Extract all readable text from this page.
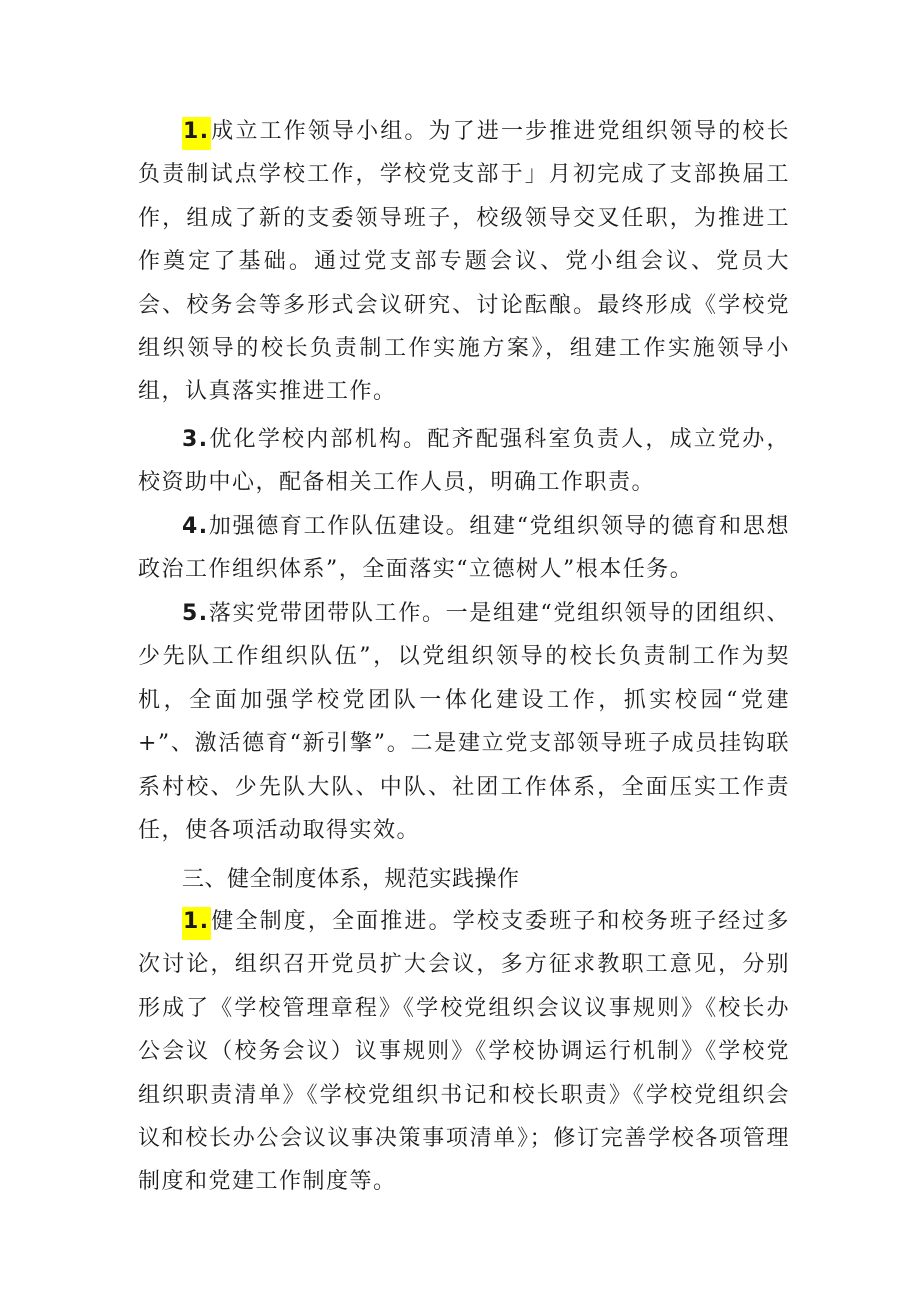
1.成立工作领导小组。为了进一步推进党组织领导的校长负责制试点学校工作，学校党支部于」月初完成了支部换届工作，组成了新的支委领导班子，校级领导交叉任职，为推进工作奠定了基础。通过党支部专题会议、党小组会议、党员大会、校务会等多形式会议研究、讨论酝酿。最终形成《学校党组织领导的校长负责制工作实施方案》，组建工作实施领导小组，认真落实推进工作。

3.优化学校内部机构。配齐配强科室负责人，成立党办，校资助中心，配备相关工作人员，明确工作职责。

4.加强德育工作队伍建设。组建“党组织领导的德育和思想政治工作组织体系”，全面落实“立德树人”根本任务。

5.落实党带团带队工作。一是组建“党组织领导的团组织、少先队工作组织队伍”，以党组织领导的校长负责制工作为契机，全面加强学校党团队一体化建设工作，抓实校园“党建+”、激活德育“新引擎”。二是建立党支部领导班子成员挂钩联系村校、少先队大队、中队、社团工作体系，全面压实工作责任，使各项活动取得实效。

三、健全制度体系，规范实践操作

1.健全制度，全面推进。学校支委班子和校务班子经过多次讨论，组织召开党员扩大会议，多方征求教职工意见，分别形成了《学校管理章程》《学校党组织会议议事规则》《校长办公会议（校务会议）议事规则》《学校协调运行机制》《学校党组织职责清单》《学校党组织书记和校长职责》《学校党组织会议和校长办公会议议事决策事项清单》；修订完善学校各项管理制度和党建工作制度等。
